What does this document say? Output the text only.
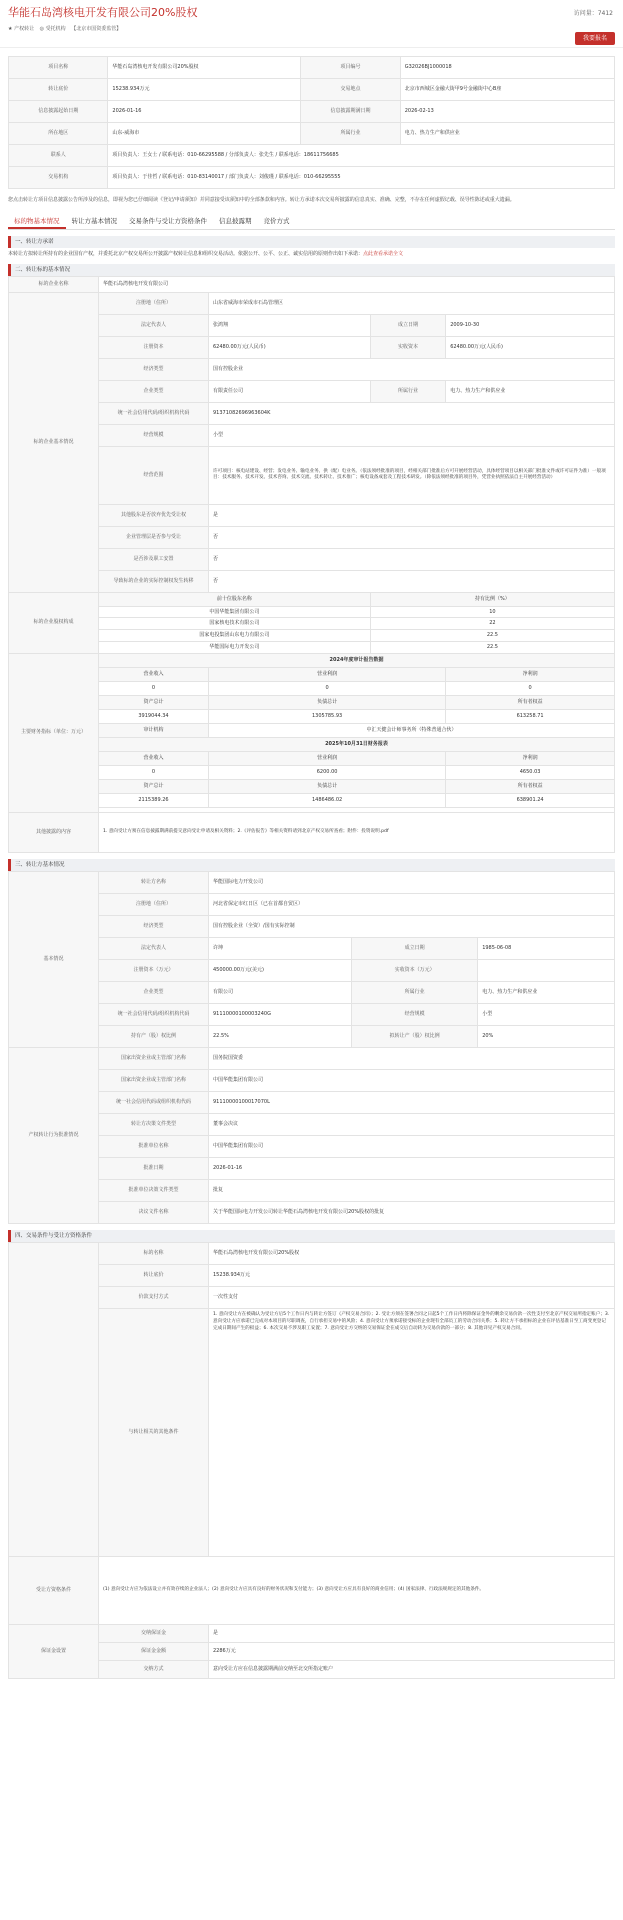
华能石岛湾核电开发有限公司20%股权	访问量：7412
★ 产权转让 ◎ 受托机构 【北京市国资委监管】
我要报名
项目名称	华能石岛湾核电开发有限公司20%股权	项目编号	G32026BJ1000018
转让底价	15238.934万元	交易地点	北京市西城区金融大街甲9号金融街中心B座
信息披露起始日期	2026-01-16	信息披露期满日期	2026-02-13
所在地区	山东-威海市	所属行业	电力、热力生产和供应业
联系人	项目负责人：王女士 / 联系电话：010-66295588 / 分部负责人：张先生 / 联系电话：18611756685		
交易机构	项目负责人：于佳哲 / 联系电话：010-83140017 / 部门负责人：刘俊瑾 / 联系电话：010-66295555		
您点击转让方项目信息披露公告所涉及的信息，即视为您已仔细阅读《登记/申请须知》并同意接受该须知中的全部条款和内容。转让方承诺本次交易所披露的信息真实、准确、完整，不存在任何虚假记载、误导性陈述或重大遗漏。
标的物基本情况	转让方基本情况	交易条件与受让方资格条件	信息披露期	竞价方式
一、转让方承诺
本转让方拟转让所持有的企业国有产权，并委托北京产权交易所公开披露产权转让信息和组织交易活动。依据公开、公平、公正、诚实信用的原则作出如下承诺：点此查看承诺全文
二、转让标的基本情况
标的企业名称	华能石岛湾核电开发有限公司			
标的企业基本情况	注册地（住所）	山东省威海市荣成市石岛管理区		
	法定代表人	张鸿翔	成立日期	2009-10-30
	注册资本	62480.00万元(人民币)	实收资本	62480.00万元(人民币)
	经济类型	国有控股企业		
	企业类型	有限责任公司	所属行业	电力、热力生产和供应业
	统一社会信用代码/组织机构代码	91371082696963604K		
	经营规模	小型		
	经营范围	许可项目：核电站建设、经营；发电业务、输电业务、供（配）电业务。（依法须经批准的项目，经相关部门批准后方可开展经营活动，具体经营项目以相关部门批准文件或许可证件为准）一般项目：技术服务、技术开发、技术咨询、技术交流、技术转让、技术推广；核电设备成套及工程技术研发。（除依法须经批准的项目外，凭营业执照依法自主开展经营活动）		
	其他股东是否放弃优先受让权	是		
	企业管理层是否参与受让	否		
	是否涉及职工安置	否		
	导致标的企业的实际控制权发生转移	否		
标的企业股权构成	前十位股东名称		持有比例（%）	
	中国华能集团有限公司		10	
	国家核电技术有限公司		22	
	国家电投集团山东电力有限公司		22.5	
	华能国际电力开发公司		22.5	
主要财务指标（单位：万元）	2024年度审计报告数据			
	营业收入	营业利润		净利润
	0	0		0
	资产总计	负债总计		所有者权益
	3919044.34	1305785.93		613258.71
	审计机构	中汇天健会计师事务所（特殊普通合伙）		
	2025年10月31日财务报表			
	营业收入	营业利润		净利润
	0	6200.00		4650.03
	资产总计	负债总计		所有者权益
	2115389.26	1486486.02		638901.24

其他披露的内容	1. 意向受让方须在信息披露期满前提交意向受让申请及相关资料；2.《评估报告》等相关资料请到北京产权交易所查看；附件：投资说明.pdf			
三、转让方基本情况
基本情况	转让方名称	华能国际电力开发公司		
	注册地（住所）	河北省保定市红日区（已在首都自贸区）		
	经济类型	国有控股企业（全资）/国有实际控制		
	法定代表人	许坤	成立日期	1985-06-08
	注册资本（万元）	450000.00万元(美元)	实收资本（万元）	
	企业类型	有限公司	所属行业	电力、热力生产和供应业
	统一社会信用代码/组织机构代码	91110000100003240G	经营规模	小型
	持有产（股）权比例	22.5%	拟转让产（股）权比例	20%
产权转让行为批准情况	国家出资企业或主管部门名称	国务院国资委		
	国家出资企业或主管部门名称	中国华能集团有限公司		
	统一社会信用代码或组织机构代码	91110000100017070L		
	转让方决策文件类型	董事会决议		
	批准单位名称	中国华能集团有限公司		
	批准日期	2026-01-16		
	批准单位决策文件类型	批复		
	决议文件名称	关于华能国际电力开发公司转让华能石岛湾核电开发有限公司20%股权的批复		
四、交易条件与受让方资格条件
	标的名称	华能石岛湾核电开发有限公司20%股权
	转让底价	15238.934万元
	价款支付方式	一次性支付
	与转让相关的其他条件	1. 意向受让方在被确认为受让方后5个工作日内与转让方签订《产权交易合同》；2. 受让方须在签署合同之日起5个工作日内将除保证金外的剩余交易价款一次性支付至北京产权交易所指定账户；3. 意向受让方应承诺已完成对本项目的尽职调查，自行承担交易中的风险；4. 意向受让方须承诺接受标的企业现有全部员工的劳动合同关系；5. 转让方不承担标的企业在评估基准日至工商变更登记完成日期间产生的损益；6. 本次交易不涉及职工安置；7. 意向受让方交纳的交易保证金在成交后自动转为交易价款的一部分；8. 其他详见产权交易合同。
受让方资格条件	(1) 意向受让方应为依法设立并有效存续的企业法人；(2) 意向受让方应具有良好的财务状况和支付能力；(3) 意向受让方应具有良好的商业信用；(4) 国家法律、行政法规规定的其他条件。	
保证金设置	交纳保证金	是
	保证金金额	2286万元
	交纳方式	意向受让方应在信息披露期满前交纳至北交所指定账户
